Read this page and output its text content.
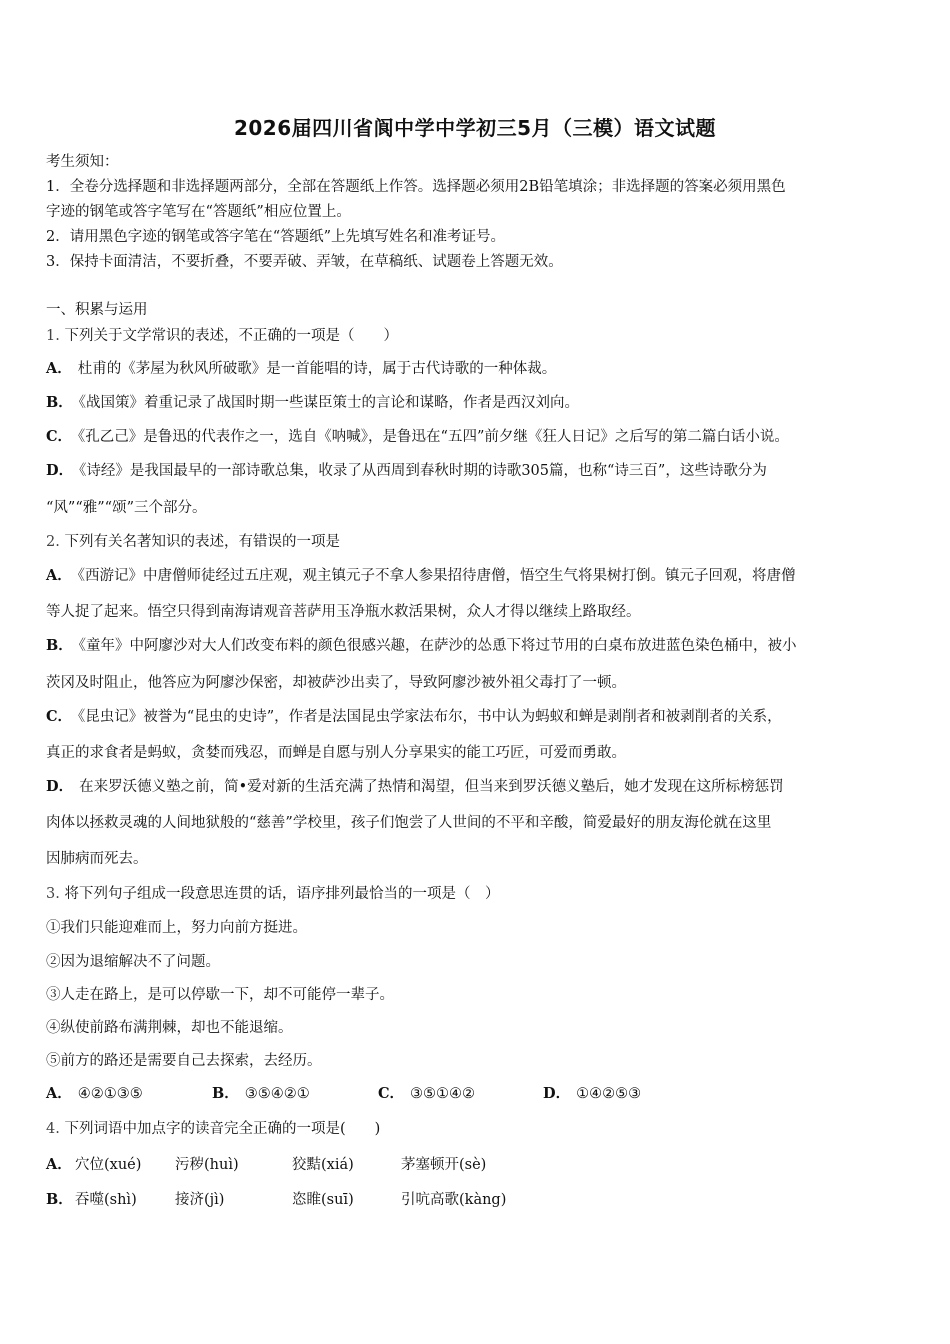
2026届四川省阆中学中学初三5月（三模）语文试题
考生须知：
1．全卷分选择题和非选择题两部分，全部在答题纸上作答。选择题必须用2B铅笔填涂；非选择题的答案必须用黑色
字迹的钢笔或答字笔写在“答题纸”相应位置上。
2．请用黑色字迹的钢笔或答字笔在“答题纸”上先填写姓名和准考证号。
3．保持卡面清洁，不要折叠，不要弄破、弄皱，在草稿纸、试题卷上答题无效。
一、积累与运用
1. 下列关于文学常识的表述，不正确的一项是（　　）
A． 杜甫的《茅屋为秋风所破歌》是一首能唱的诗，属于古代诗歌的一种体裁。
B． 《战国策》着重记录了战国时期一些谋臣策士的言论和谋略，作者是西汉刘向。
C． 《孔乙己》是鲁迅的代表作之一，选自《呐喊》，是鲁迅在“五四”前夕继《狂人日记》之后写的第二篇白话小说。
D． 《诗经》是我国最早的一部诗歌总集，收录了从西周到春秋时期的诗歌305篇，也称“诗三百”，这些诗歌分为
“风”“雅”“颂”三个部分。
2. 下列有关名著知识的表述，有错误的一项是
A． 《西游记》中唐僧师徒经过五庄观，观主镇元子不拿人参果招待唐僧，悟空生气将果树打倒。镇元子回观，将唐僧
等人捉了起来。悟空只得到南海请观音菩萨用玉净瓶水救活果树，众人才得以继续上路取经。
B． 《童年》中阿廖沙对大人们改变布料的颜色很感兴趣，在萨沙的怂恿下将过节用的白桌布放进蓝色染色桶中，被小
茨冈及时阻止，他答应为阿廖沙保密，却被萨沙出卖了，导致阿廖沙被外祖父毒打了一顿。
C． 《昆虫记》被誉为“昆虫的史诗”，作者是法国昆虫学家法布尔，书中认为蚂蚁和蝉是剥削者和被剥削者的关系，
真正的求食者是蚂蚁，贪婪而残忍，而蝉是自愿与别人分享果实的能工巧匠，可爱而勇敢。
D． 在来罗沃德义塾之前，简•爱对新的生活充满了热情和渴望，但当来到罗沃德义塾后，她才发现在这所标榜惩罚
肉体以拯救灵魂的人间地狱般的“慈善”学校里，孩子们饱尝了人世间的不平和辛酸，简爱最好的朋友海伦就在这里
因肺病而死去。
3. 将下列句子组成一段意思连贯的话，语序排列最恰当的一项是（　）
①我们只能迎难而上，努力向前方挺进。
②因为退缩解决不了问题。
③人走在路上，是可以停歇一下，却不可能停一辈子。
④纵使前路布满荆棘，却也不能退缩。
⑤前方的路还是需要自己去探索，去经历。
A． ④②①③⑤	B． ③⑤④②①	C． ③⑤①④②	D． ①④②⑤③
4. 下列词语中加点字的读音完全正确的一项是(　　)
A． 穴位(xué) 污秽(huì)	狡黠(xiá)	茅塞顿开(sè)
B． 吞噬(shì)	接济(jì)	恣睢(suī)	引吭高歌(kàng)
